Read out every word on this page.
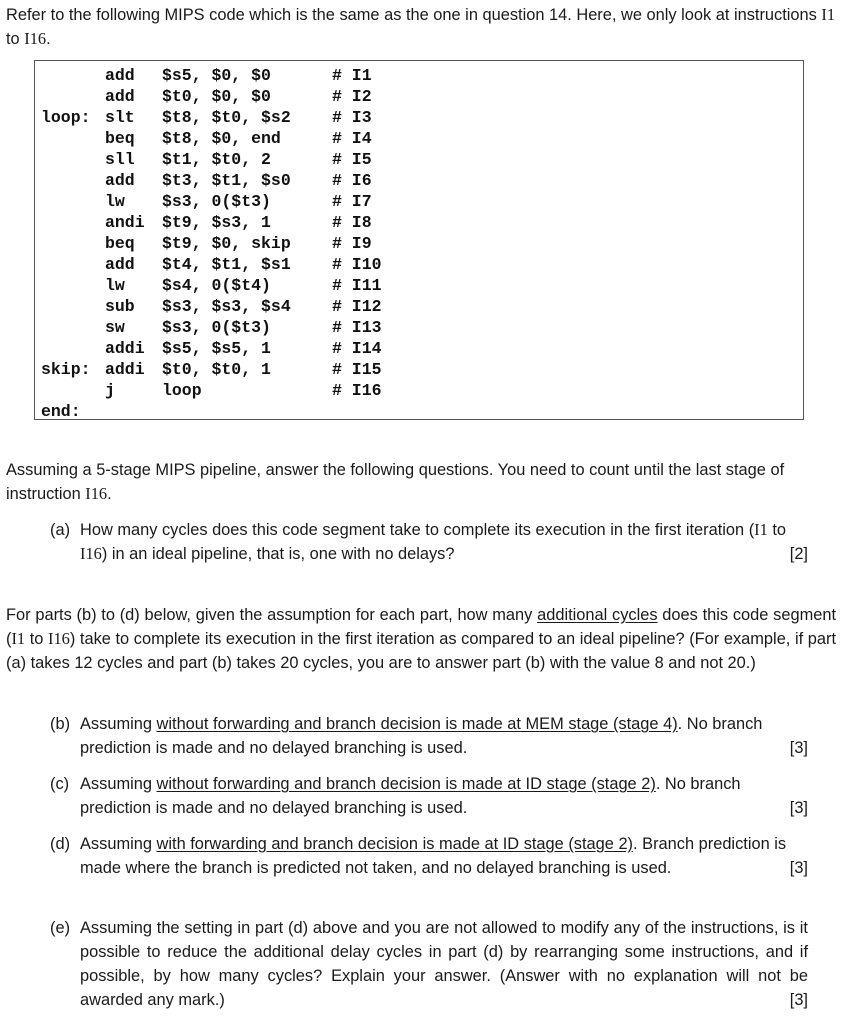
Refer to the following MIPS code which is the same as the one in question 14. Here, we only look at instructions I1 to I16.
add $s5, $0, $0	# I1
add $t0, $0, $0	# I2
loop: slt $t8, $t0, $s2	# I3
beq $t8, $0, end	# I4
sll $t1, $t0, 2	# I5
add $t3, $t1, $s0	# I6
lw $s3, 0($t3)	# I7
andi $t9, $s3, 1	# I8
beq $t9, $0, skip	# I9
add $t4, $t1, $s1	# I10
lw $s4, 0($t4)	# I11
sub $s3, $s3, $s4	# I12
sw $s3, 0($t3)	# I13
addi $s5, $s5, 1	# I14
skip: addi $t0, $t0, 1	# I15
j	loop	# I16
end:
Assuming a 5-stage MIPS pipeline, answer the following questions. You need to count until the last stage of instruction I16.
(a) How many cycles does this code segment take to complete its execution in the first iteration (I1 to I16) in an ideal pipeline, that is, one with no delays?	[2]
For parts (b) to (d) below, given the assumption for each part, how many additional cycles does this code segment (I1 to I16) take to complete its execution in the first iteration as compared to an ideal pipeline? (For example, if part (a) takes 12 cycles and part (b) takes 20 cycles, you are to answer part (b) with the value 8 and not 20.)
(b) Assuming without forwarding and branch decision is made at MEM stage (stage 4). No branch prediction is made and no delayed branching is used.	[3]
(c) Assuming without forwarding and branch decision is made at ID stage (stage 2). No branch prediction is made and no delayed branching is used.	[3]
(d) Assuming with forwarding and branch decision is made at ID stage (stage 2). Branch prediction is made where the branch is predicted not taken, and no delayed branching is used.	[3]
(e) Assuming the setting in part (d) above and you are not allowed to modify any of the instructions, is it possible to reduce the additional delay cycles in part (d) by rearranging some instructions, and if possible, by how many cycles? Explain your answer. (Answer with no explanation will not be awarded any mark.)	[3]
